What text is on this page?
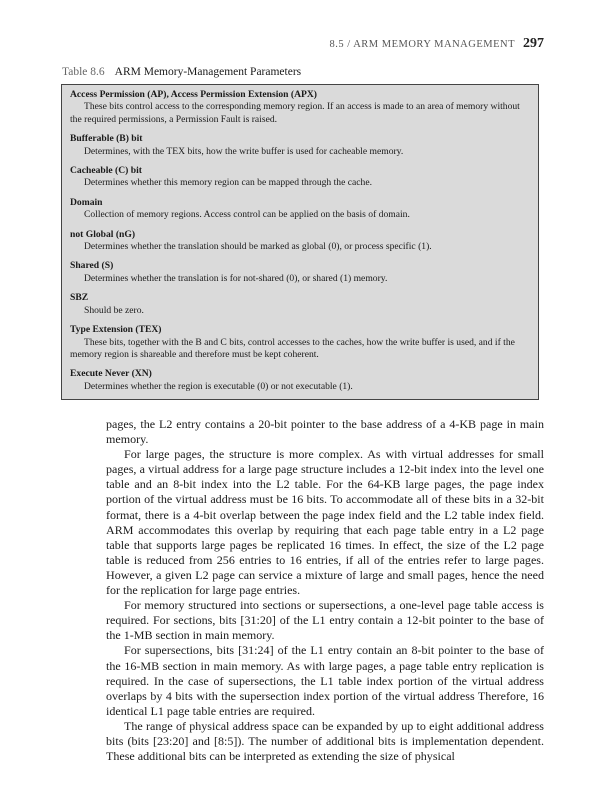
8.5 / ARM MEMORY MANAGEMENT 297
Table 8.6 ARM Memory-Management Parameters
Access Permission (AP), Access Permission Extension (APX)
These bits control access to the corresponding memory region. If an access is made to an area of memory without the required permissions, a Permission Fault is raised.
Bufferable (B) bit
Determines, with the TEX bits, how the write buffer is used for cacheable memory.
Cacheable (C) bit
Determines whether this memory region can be mapped through the cache.
Domain
Collection of memory regions. Access control can be applied on the basis of domain.
not Global (nG)
Determines whether the translation should be marked as global (0), or process specific (1).
Shared (S)
Determines whether the translation is for not-shared (0), or shared (1) memory.
SBZ
Should be zero.
Type Extension (TEX)
These bits, together with the B and C bits, control accesses to the caches, how the write buffer is used, and if the memory region is shareable and therefore must be kept coherent.
Execute Never (XN)
Determines whether the region is executable (0) or not executable (1).

pages, the L2 entry contains a 20-bit pointer to the base address of a 4-KB page in main memory.

For large pages, the structure is more complex. As with virtual addresses for small pages, a virtual address for a large page structure includes a 12-bit index into the level one table and an 8-bit index into the L2 table. For the 64-KB large pages, the page index portion of the virtual address must be 16 bits. To accommodate all of these bits in a 32-bit format, there is a 4-bit overlap between the page index field and the L2 table index field. ARM accommodates this overlap by requiring that each page table entry in a L2 page table that supports large pages be replicated 16 times. In effect, the size of the L2 page table is reduced from 256 entries to 16 entries, if all of the entries refer to large pages. However, a given L2 page can service a mixture of large and small pages, hence the need for the replication for large page entries.

For memory structured into sections or supersections, a one-level page table access is required. For sections, bits [31:20] of the L1 entry contain a 12-bit pointer to the base of the 1-MB section in main memory.

For supersections, bits [31:24] of the L1 entry contain an 8-bit pointer to the base of the 16-MB section in main memory. As with large pages, a page table entry replication is required. In the case of supersections, the L1 table index portion of the virtual address overlaps by 4 bits with the supersection index portion of the virtual address Therefore, 16 identical L1 page table entries are required.

The range of physical address space can be expanded by up to eight additional address bits (bits [23:20] and [8:5]). The number of additional bits is implementation dependent. These additional bits can be interpreted as extending the size of physical
